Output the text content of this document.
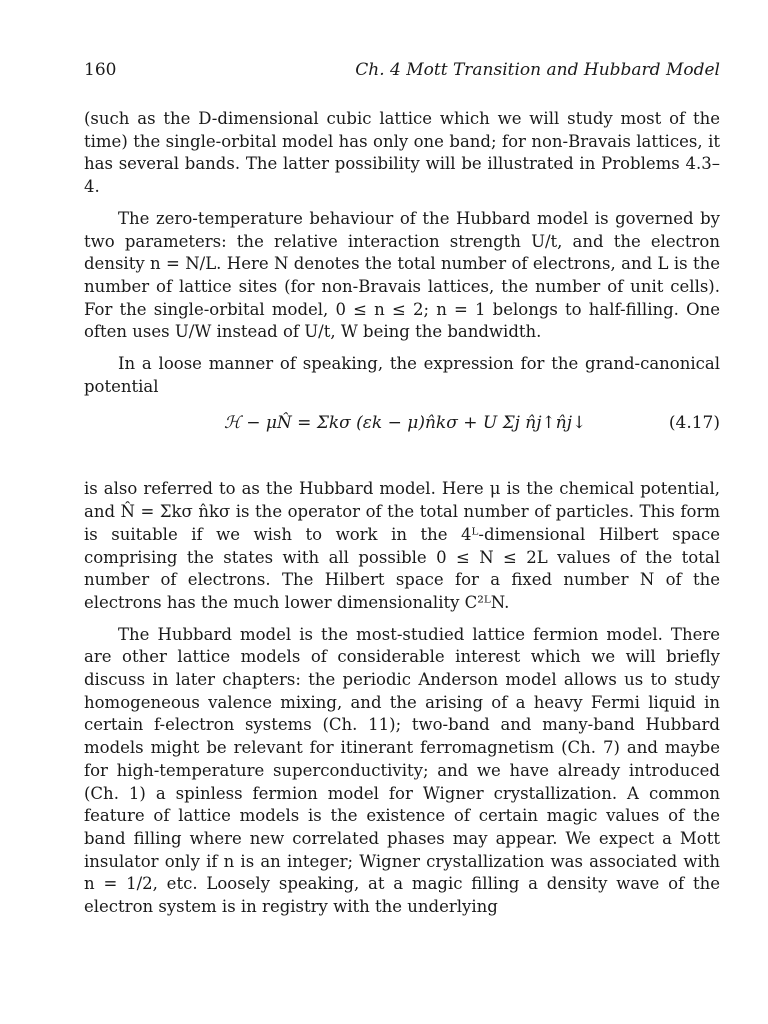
160	Ch. 4 Mott Transition and Hubbard Model

(such as the D-dimensional cubic lattice which we will study most of the time) the single-orbital model has only one band; for non-Bravais lattices, it has several bands. The latter possibility will be illustrated in Problems 4.3–4.

The zero-temperature behaviour of the Hubbard model is governed by two parameters: the relative interaction strength U/t, and the electron density n = N/L. Here N denotes the total number of electrons, and L is the number of lattice sites (for non-Bravais lattices, the number of unit cells). For the single-orbital model, 0 ≤ n ≤ 2; n = 1 belongs to half-filling. One often uses U/W instead of U/t, W being the bandwidth.

In a loose manner of speaking, the expression for the grand-canonical potential

ℋ − μN̂ = Σkσ (εk − μ)n̂kσ + U Σj n̂j↑n̂j↓	(4.17)

is also referred to as the Hubbard model. Here μ is the chemical potential, and N̂ = Σkσ n̂kσ is the operator of the total number of particles. This form is suitable if we wish to work in the 4ᴸ-dimensional Hilbert space comprising the states with all possible 0 ≤ N ≤ 2L values of the total number of electrons. The Hilbert space for a fixed number N of the electrons has the much lower dimensionality C²ᴸN.

The Hubbard model is the most-studied lattice fermion model. There are other lattice models of considerable interest which we will briefly discuss in later chapters: the periodic Anderson model allows us to study homogeneous valence mixing, and the arising of a heavy Fermi liquid in certain f-electron systems (Ch. 11); two-band and many-band Hubbard models might be relevant for itinerant ferromagnetism (Ch. 7) and maybe for high-temperature superconductivity; and we have already introduced (Ch. 1) a spinless fermion model for Wigner crystallization. A common feature of lattice models is the existence of certain magic values of the band filling where new correlated phases may appear. We expect a Mott insulator only if n is an integer; Wigner crystallization was associated with n = 1/2, etc. Loosely speaking, at a magic filling a density wave of the electron system is in registry with the underlying
